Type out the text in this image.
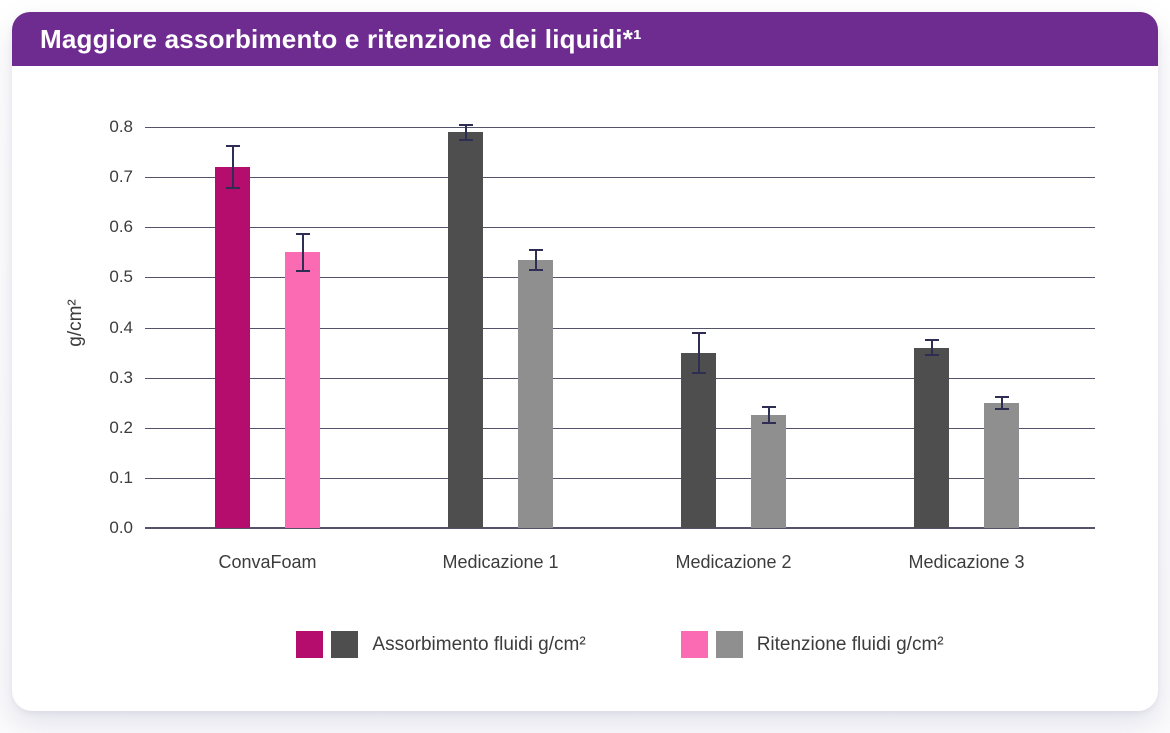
Maggiore assorbimento e ritenzione dei liquidi*¹
g/cm²
0.0
0.1
0.2
0.3
0.4
0.5
0.6
0.7
0.8
ConvaFoam	Medicazione 1	Medicazione 2	Medicazione 3
Assorbimento fluidi g/cm²	Ritenzione fluidi g/cm²
